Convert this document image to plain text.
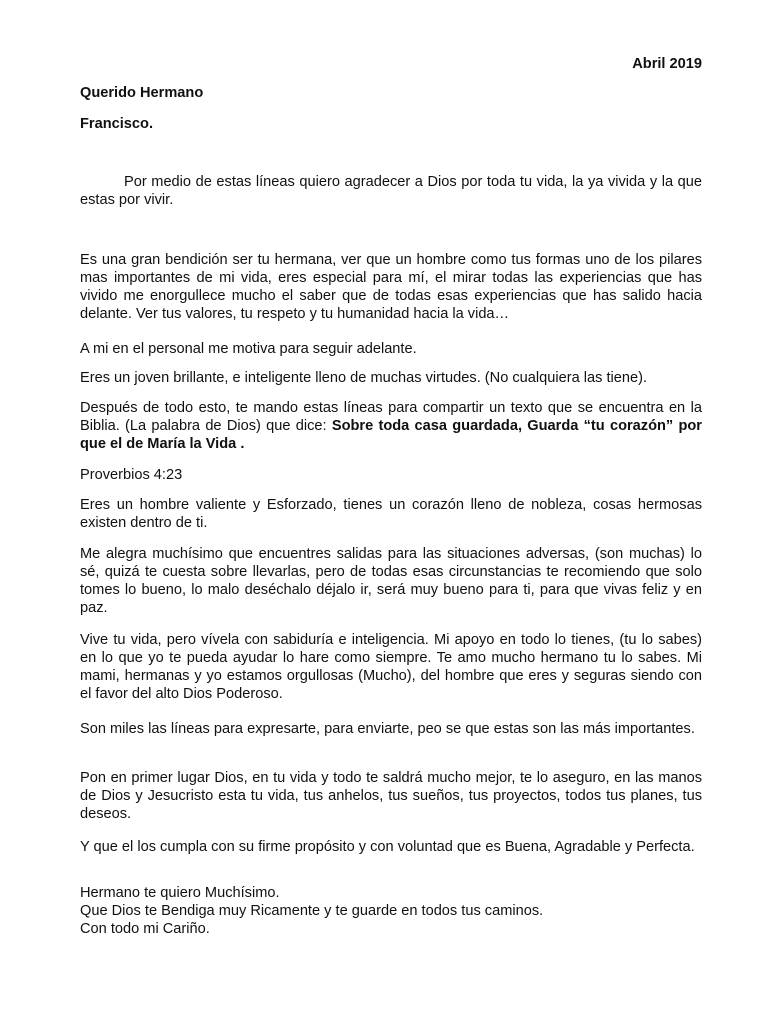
Abril 2019

Querido Hermano

Francisco.

Por medio de estas líneas quiero agradecer a Dios por toda tu vida, la ya vivida y la que estas por vivir.

Es una gran bendición ser tu hermana, ver que un hombre como tus formas uno de los pilares mas importantes de mi vida, eres especial para mí, el mirar todas las experiencias que has vivido me enorgullece mucho el saber que de todas esas experiencias que has salido hacia delante. Ver tus valores, tu respeto y tu humanidad hacia la vida…

A mi en el personal me motiva para seguir adelante.

Eres un joven brillante, e inteligente lleno de muchas virtudes. (No cualquiera las tiene).

Después de todo esto, te mando estas líneas para compartir un texto que se encuentra en la Biblia. (La palabra de Dios) que dice: Sobre toda casa guardada, Guarda “tu corazón” por que el de María la Vida .

Proverbios 4:23

Eres un hombre valiente y Esforzado, tienes un corazón lleno de nobleza, cosas hermosas existen dentro de ti.

Me alegra muchísimo que encuentres salidas para las situaciones adversas, (son muchas) lo sé, quizá te cuesta sobre llevarlas, pero de todas esas circunstancias te recomiendo que solo tomes lo bueno, lo malo deséchalo déjalo ir, será muy bueno para ti, para que vivas feliz y en paz.

Vive tu vida, pero vívela con sabiduría e inteligencia. Mi apoyo en todo lo tienes, (tu lo sabes) en lo que yo te pueda ayudar lo hare como siempre. Te amo mucho hermano tu lo sabes. Mi mami, hermanas y yo estamos orgullosas (Mucho), del hombre que eres y seguras siendo con el favor del alto Dios Poderoso.

Son miles las líneas para expresarte, para enviarte, peo se que estas son las más importantes.

Pon en primer lugar Dios, en tu vida y todo te saldrá mucho mejor, te lo aseguro, en las manos de Dios y Jesucristo esta tu vida, tus anhelos, tus sueños, tus proyectos, todos tus planes, tus deseos.

Y que el los cumpla con su firme propósito y con voluntad que es Buena, Agradable y Perfecta.

Hermano te quiero Muchísimo.
Que Dios te Bendiga muy Ricamente y te guarde en todos tus caminos.
Con todo mi Cariño.
